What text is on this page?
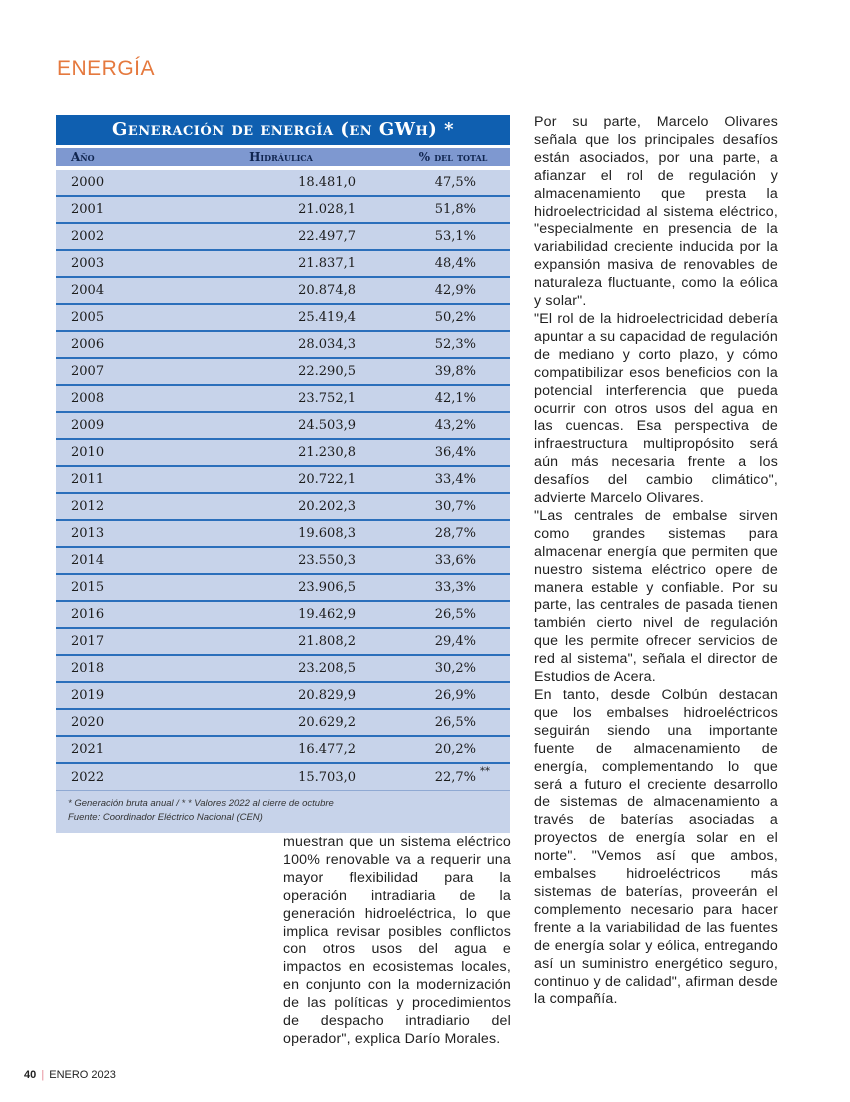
ENERGÍA
Generación de energía (en GWh) *
Año	Hidráulica	% del total
2000	18.481,0	47,5%
2001	21.028,1	51,8%
2002	22.497,7	53,1%
2003	21.837,1	48,4%
2004	20.874,8	42,9%
2005	25.419,4	50,2%
2006	28.034,3	52,3%
2007	22.290,5	39,8%
2008	23.752,1	42,1%
2009	24.503,9	43,2%
2010	21.230,8	36,4%
2011	20.722,1	33,4%
2012	20.202,3	30,7%
2013	19.608,3	28,7%
2014	23.550,3	33,6%
2015	23.906,5	33,3%
2016	19.462,9	26,5%
2017	21.808,2	29,4%
2018	23.208,5	30,2%
2019	20.829,9	26,9%
2020	20.629,2	26,5%
2021	16.477,2	20,2%
2022	15.703,0	22,7% **
* Generación bruta anual / * * Valores 2022 al cierre de octubre
Fuente: Coordinador Eléctrico Nacional (CEN)

muestran que un sistema eléctrico 100% renovable va a requerir una mayor flexibilidad para la operación intradiaria de la generación hidroeléctrica, lo que implica revisar posibles conflictos con otros usos del agua e impactos en ecosistemas locales, en conjunto con la modernización de las políticas y procedimientos de despacho intradiario del operador", explica Darío Morales.

Por su parte, Marcelo Olivares señala que los principales desafíos están asociados, por una parte, a afianzar el rol de regulación y almacenamiento que presta la hidroelectricidad al sistema eléctrico, "especialmente en presencia de la variabilidad creciente inducida por la expansión masiva de renovables de naturaleza fluctuante, como la eólica y solar".

"El rol de la hidroelectricidad debería apuntar a su capacidad de regulación de mediano y corto plazo, y cómo compatibilizar esos beneficios con la potencial interferencia que pueda ocurrir con otros usos del agua en las cuencas. Esa perspectiva de infraestructura multipropósito será aún más necesaria frente a los desafíos del cambio climático", advierte Marcelo Olivares.

"Las centrales de embalse sirven como grandes sistemas para almacenar energía que permiten que nuestro sistema eléctrico opere de manera estable y confiable. Por su parte, las centrales de pasada tienen también cierto nivel de regulación que les permite ofrecer servicios de red al sistema", señala el director de Estudios de Acera.

En tanto, desde Colbún destacan que los embalses hidroeléctricos seguirán siendo una importante fuente de almacenamiento de energía, complementando lo que será a futuro el creciente desarrollo de sistemas de almacenamiento a través de baterías asociadas a proyectos de energía solar en el norte". "Vemos así que ambos, embalses hidroeléctricos más sistemas de baterías, proveerán el complemento necesario para hacer frente a la variabilidad de las fuentes de energía solar y eólica, entregando así un suministro energético seguro, continuo y de calidad", afirman desde la compañía.

40 | ENERO 2023
